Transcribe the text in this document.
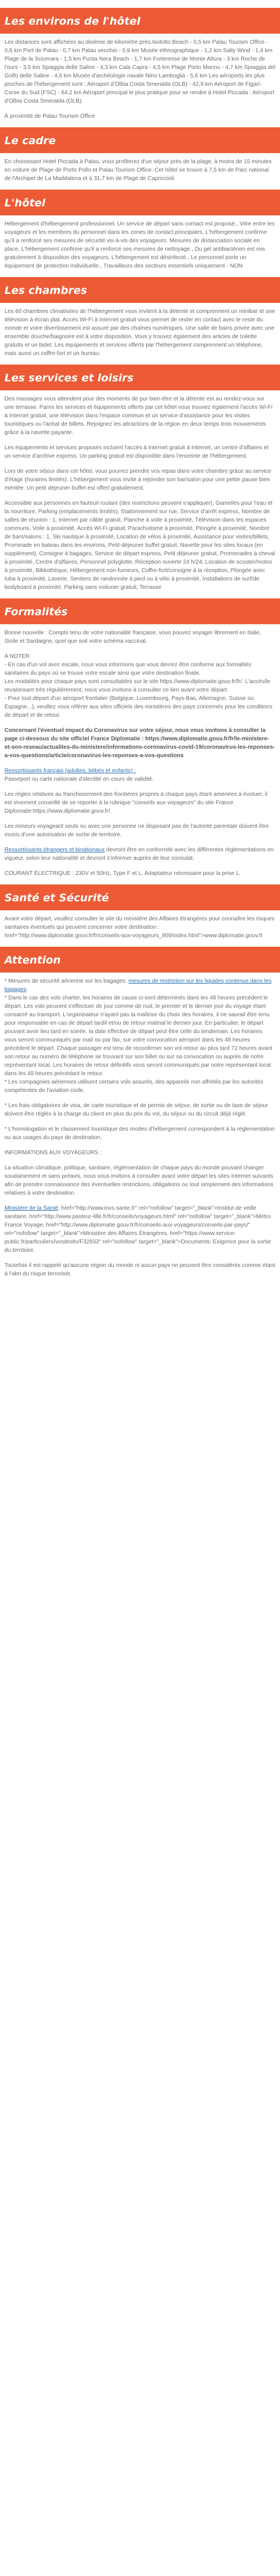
Les environs de l'hôtel

Les distances sont affichées au dixième de kilomètre près.Isolotto Beach - 0,5 km Palau Tourism Office - 0,6 km Port de Palau - 0,7 km Palau vecchio - 0,9 km Musée ethnographique - 1,2 km Salty Wind - 1,4 km Plage de la Sciumara - 1,5 km Punta Nera Beach - 1,7 km Forteresse de Monte Altura - 3 km Roche de l'ours - 3,5 km Spiaggia delle Saline - 4,3 km Cala Capra - 4,5 km Plage Porto Mannu - 4,7 km Spiaggia del Golfo delle Saline - 4,6 km Musée d'archéologie navale Nino Lamboglia - 5,6 km Les aéroports les plus proches de l'hébergement sont : Aéroport d'Olbia Costa Smeralda (OLB) - 42,9 km Aéroport de Figari-Corse du Sud (FSC) - 64,2 km Aéroport principal le plus pratique pour se rendre à Hotel Piccada : Aéroport d'Olbia Costa Smeralda (OLB).

À proximité de Palau Tourism Office

Le cadre

En choisissant Hotel Piccada à Palau, vous profiterez d'un séjour près de la plage, à moins de 15 minutes en voiture de Plage de Porto Pollo et Palau Tourism Office. Cet hôtel se trouve à 7,5 km de Parc national de l'Archipel de La Maddalena et à 31,7 km de Plage de Capriccioli.

L'hôtel

Hébergement d'hébergement professionnel. Un service de départ sans contact est proposé., Vitre entre les voyageurs et les membres du personnel dans les zones de contact principales, L'hébergement confirme qu'il a renforcé ses mesures de sécurité vis-à-vis des voyageurs. Mesures de distanciation sociale en place, L'hébergement confirme qu'il a renforcé ses mesures de nettoyage., Du gel antibactérien est mis gratuitement à disposition des voyageurs, L'hébergement est désinfecté., Le personnel porte un équipement de protection individuelle., Travailleurs des secteurs essentiels uniquement - NON

Les chambres

Les 60 chambres climatisées de l'hébergement vous invitent à la détente et comprennent un minibar et une télévision à écran plat. Accès Wi-Fi à Internet gratuit vous permet de rester en contact avec le reste du monde et votre divertissement est assuré par des chaînes numériques. Une salle de bains privée avec une ensemble douche/baignoire est à votre disposition. Vous y trouvez également des articles de toilette gratuits et un bidet. Les équipements et services offerts par l'hébergement comprennent un téléphone, mais aussi un coffre-fort et un bureau.

Les services et loisirs

Des massages vous attendent pour des moments de pur bien-être et la détente est au rendez-vous sur une terrasse. Parmi les services et équipements offerts par cet hôtel vous trouvez également l'accès Wi-Fi à Internet gratuit, une télévision dans l'espace commun et un service d'assistance pour les visites touristiques ou l'achat de billets. Rejoignez les attractions de la région en deux temps trois mouvements grâce à la navette payante.

Les équipements et services proposés incluent l'accès à Internet gratuit à Internet, un centre d'affaires et un service d'archive express. Un parking gratuit est disponible dans l'enceinte de l'hébergement.

Lors de votre séjour dans cet hôtel, vous pourrez prendre vos repas dans votre chambre grâce au service d'étage (horaires limités). L'hébergement vous invite à rejoindre son bar/salon pour une petite pause bien méritée. Un petit déjeuner buffet est offert gratuitement.

Accessible aux personnes en fauteuil roulant (des restrictions peuvent s'appliquer), Gamelles pour l'eau et la nourriture, Parking (emplacements limités), Stationnement sur rue, Service d'arrêt express, Nombre de salles de réunion : 1, Internet par câble gratuit, Planche à voile à proximité, Télévision dans les espaces communs, Voile à proximité, Accès Wi-Fi gratuit, Parachutisme à proximité, Plongée à proximité, Nombre de bars/salons : 1, Ski nautique à proximité, Location de vélos à proximité, Assistance pour visites/billets, Prominade en bateau dans les environs, Petit-déjeuner buffet gratuit, Navette pour les sites locaux (en supplément), Consigne à bagages, Service de départ express, Petit déjeuner gratuit, Promenades à cheval à proximité, Centre d'affaires, Personnel polyglotte, Réception ouverte 24 h/24, Location de scooter/motos à proximité, Bibliothèque, Hébergement non-fumeurs, Coffre-fort/consigne à la réception, Plongée avec tuba à proximité, Laverie, Sentiers de randonnée à pied ou à vélo à proximité, Installations de surf/de bodyboard à proximité, Parking sans voiturier gratuit, Terrasse

Formalités

Bonne nouvelle : Compte tenu de votre nationalité française, vous pouvez voyager librement en Italie, Sicile et Sardaigne, quel que soit votre schéma vaccinal.

A NOTER
- En cas d'un vol avec escale, nous vous informons que vous devrez être conforme aux formalités sanitaires du pays où se trouve votre escale ainsi que votre destination finale.
Les modalités pour chaque pays sont consultables sur le site https://www.diplomatie.gouv.fr/fr/. L'accès/le revalorisant très régulièrement, nous vous invitons à consulter ce lien avant votre départ.
- Pour tout départ d'un aéroport frontalier (Belgique, Luxembourg, Pays-Bas, Allemagne, Suisse ou Espagne...), veuillez vous référer aux sites officiels des ministères des pays concernés pour les conditions de départ et de retour.

Concernant l'éventuel impact du Coronavirus sur votre séjour, nous vous invitons à consulter la page ci-dessous du site officiel France Diplomatie : https://www.diplomatie.gouv.fr/fr/le-ministere-et-son-reseau/actualites-du-ministere/informations-coronavirus-covid-19/coronavirus-les-reponses-a-vos-questions/article/coronavirus-les-reponses-a-vos-questions

Ressortissants français (adultes, bébés et enfants) :
Passeport ou carte nationale d'identité en cours de validité.

Les règles relatives au franchissement des frontières propres à chaque pays étant amenées à évoluer, il est vivement conseillé de se reporter à la rubrique "conseils aux voyageurs" du site France Diplomatie:https://www.diplomatie.gouv.fr/.

Les mineurs voyageant seuls ou avec une personne ne disposant pas de l'autorité parentale doivent être munis d'une autorisation de sortie de territoire.

Ressortissants étrangers et binationaux devront être en conformité avec les différentes réglementations en vigueur, selon leur nationalité et devront s'informer auprès de leur consulat.

COURANT ÉLECTRIQUE : 230V et 50Hz, Type F et L. Adaptateur nécessaire pour la prise L.

Santé et Sécurité

Avant votre départ, veuillez consulter le site du ministère des Affaires étrangères pour connaître les risques sanitaires éventuels qui peuvent concerner votre destination : href="http://www.diplomatie.gouv.fr/fr/conseils-aux-voyageurs_909/index.html">www.diplomatie.gouv.fr

Attention

* Mesures de sécurité aérienne sur les bagages: mesures de restriction sur les liquides contenus dans les bagages.
* Dans le cas des vols charter, les horaires de cause ci-sont déterminés dans les 48 heures précédent le départ. Les vols peuvent s'effectuer de jour comme de nuit; le premier et le dernier jour du voyage étant consacré au transport. L'organisateur n'ayant pas la maîtrise du choix des horaires, il ne saurait être tenu pour responsable en cas de départ tardif et/ou de retour matinal le dernier jour. En particulier, le départ pouvant avoir lieu tard en soirée, la date effective de départ peut être celle du lendemain. Les horaires vous seront communiqués par mail ou par fax, sur votre convocation aéroport dans les 48 heures précédent le départ. Chaque passager est tenu de reconfirmer son vol retour au plus tard 72 heures avant son retour au numéro de téléphone se trouvant sur son billet ou sur sa convocation ou auprès de notre représentant local. Les horaires de retour définitifs vous seront communiqués par notre représentant local dans les 48 heures précédant le retour.
* Les compagnies aériennes utilisent certains vols assurés, des appareils non affrétés par les autorités compétentes de l'aviation civile.

* Les frais obligatoires de visa, de carte touristique et de permis de séjour, de sortie ou de taxe de séjour doivent être réglés à la charge du client en plus du prix du vol, du séjour ou du circuit déjà réglé.

* L'homologation et le classement touristique des modes d'hébergement correspondent à la réglementation ou aux usages du pays de destination.

INFORMATIONS AUX VOYAGEURS :

La situation climatique, politique, sanitaire, réglementation de chaque pays du monde pouvant changer soudainement et sans préavis, nous vous invitons à consulter avant votre départ les sites Internet suivants afin de prendre connaissance des éventuelles restrictions, obligations ou tout simplement des informations relatives à votre destination.

Ministère de la Santé: href="http://www.invs.sante.fr" rel="nofollow" target="_blank">Institut de veille sanitaire, href="http://www.pasteur-lille.fr/fr/conseils/voyageurs.html" rel="nofollow" target="_blank">Métro France Voyage, href="http://www.diplomatie.gouv.fr/fr/conseils-aux-voyageurs/conseils-par-pays/" rel="nofollow" target="_blank">Ministère des Affaires Étrangères, href="https://www.service-public.fr/particuliers/vosdroits/F32833" rel="nofollow" target="_blank">Documents: Exigence pour la sortie du territoire.

Toutefois il est rappelé qu'aucune région du monde ni aucun pays ne peuvent être considérés comme étant à l'abri du risque terroriste.
